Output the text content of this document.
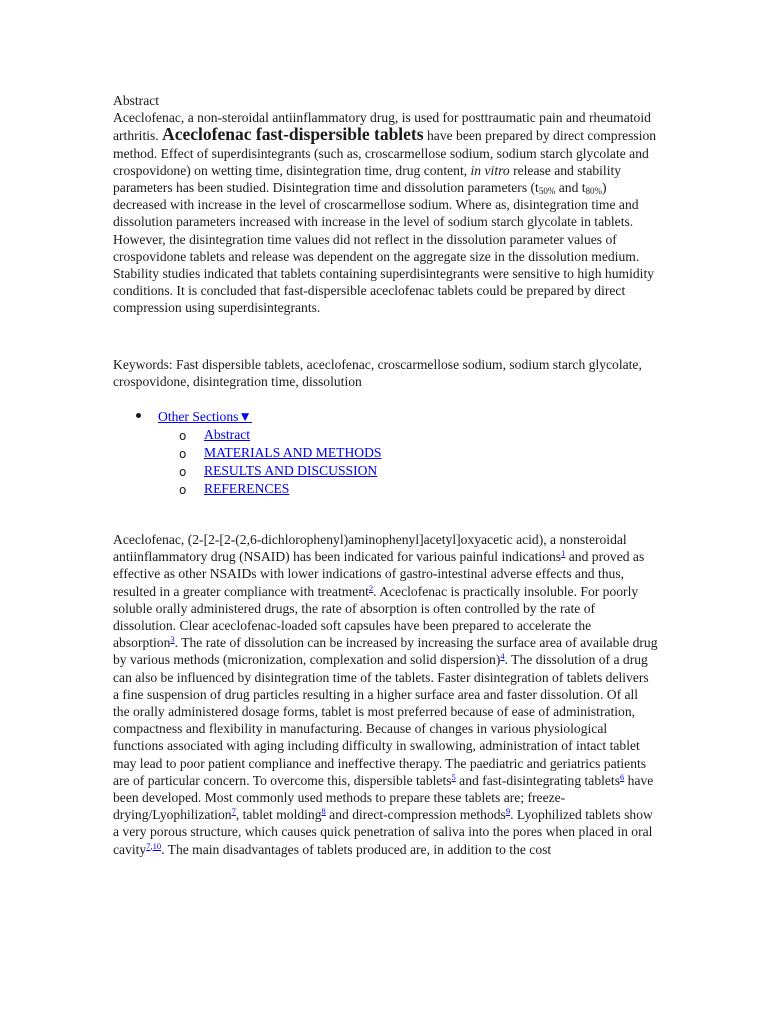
Abstract
Aceclofenac, a non-steroidal antiinflammatory drug, is used for posttraumatic pain and rheumatoid arthritis. Aceclofenac fast-dispersible tablets have been prepared by direct compression method. Effect of superdisintegrants (such as, croscarmellose sodium, sodium starch glycolate and crospovidone) on wetting time, disintegration time, drug content, in vitro release and stability parameters has been studied. Disintegration time and dissolution parameters ($t_{50\%}$ and $t_{80\%}$) decreased with increase in the level of croscarmellose sodium. Where as, disintegration time and dissolution parameters increased with increase in the level of sodium starch glycolate in tablets. However, the disintegration time values did not reflect in the dissolution parameter values of crospovidone tablets and release was dependent on the aggregate size in the dissolution medium. Stability studies indicated that tablets containing superdisintegrants were sensitive to high humidity conditions. It is concluded that fast-dispersible aceclofenac tablets could be prepared by direct compression using superdisintegrants.

Keywords: Fast dispersible tablets, aceclofenac, croscarmellose sodium, sodium starch glycolate, crospovidone, disintegration time, dissolution

Other Sections▼
o Abstract
o MATERIALS AND METHODS
o RESULTS AND DISCUSSION
o REFERENCES

Aceclofenac, (2-[2-[2-(2,6-dichlorophenyl)aminophenyl]acetyl]oxyacetic acid), a nonsteroidal antiinflammatory drug (NSAID) has been indicated for various painful indications$^1$ and proved as effective as other NSAIDs with lower indications of gastro-intestinal adverse effects and thus, resulted in a greater compliance with treatment$^2$. Aceclofenac is practically insoluble. For poorly soluble orally administered drugs, the rate of absorption is often controlled by the rate of dissolution. Clear aceclofenac-loaded soft capsules have been prepared to accelerate the absorption$^3$. The rate of dissolution can be increased by increasing the surface area of available drug by various methods (micronization, complexation and solid dispersion)$^4$. The dissolution of a drug can also be influenced by disintegration time of the tablets. Faster disintegration of tablets delivers a fine suspension of drug particles resulting in a higher surface area and faster dissolution. Of all the orally administered dosage forms, tablet is most preferred because of ease of administration, compactness and flexibility in manufacturing. Because of changes in various physiological functions associated with aging including difficulty in swallowing, administration of intact tablet may lead to poor patient compliance and ineffective therapy. The paediatric and geriatrics patients are of particular concern. To overcome this, dispersible tablets$^5$ and fast-disintegrating tablets$^6$ have been developed. Most commonly used methods to prepare these tablets are; freeze-drying/Lyophilization$^7$, tablet molding$^8$ and direct-compression methods$^9$. Lyophilized tablets show a very porous structure, which causes quick penetration of saliva into the pores when placed in oral cavity$^{7,10}$. The main disadvantages of tablets produced are, in addition to the cost
